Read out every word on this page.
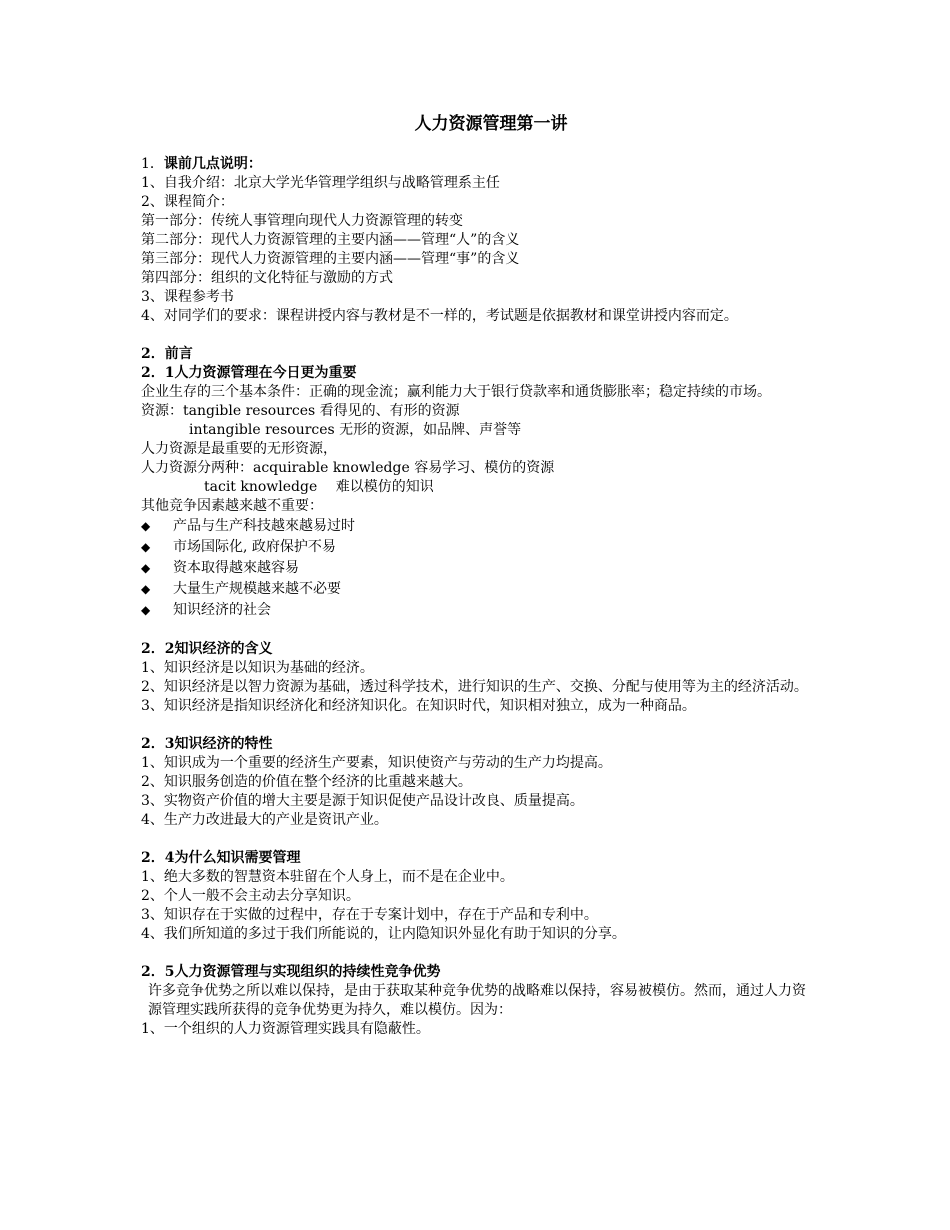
人力资源管理第一讲
1．课前几点说明：
1、自我介绍：北京大学光华管理学组织与战略管理系主任
2、课程简介：
第一部分：传统人事管理向现代人力资源管理的转变
第二部分：现代人力资源管理的主要内涵——管理“人”的含义
第三部分：现代人力资源管理的主要内涵——管理“事”的含义
第四部分：组织的文化特征与激励的方式
3、课程参考书
4、对同学们的要求：课程讲授内容与教材是不一样的，考试题是依据教材和课堂讲授内容而定。
2．前言
2．1人力资源管理在今日更为重要
企业生存的三个基本条件：正确的现金流；赢利能力大于银行贷款率和通货膨胀率；稳定持续的市场。
资源：tangible resources 看得见的、有形的资源
intangible resources 无形的资源，如品牌、声誉等
人力资源是最重要的无形资源，
人力资源分两种：acquirable knowledge 容易学习、模仿的资源
tacit knowledge　 难以模仿的知识
其他竞争因素越来越不重要：
◆	产品与生产科技越來越易过时
◆	市场国际化, 政府保护不易
◆	资本取得越來越容易
◆	大量生产规模越来越不必要
◆	知识经济的社会
2．2知识经济的含义
1、知识经济是以知识为基础的经济。
2、知识经济是以智力资源为基础，透过科学技术，进行知识的生产、交换、分配与使用等为主的经济活动。
3、知识经济是指知识经济化和经济知识化。在知识时代，知识相对独立，成为一种商品。
2．3知识经济的特性
1、知识成为一个重要的经济生产要素，知识使资产与劳动的生产力均提高。
2、知识服务创造的价值在整个经济的比重越来越大。
3、实物资产价值的增大主要是源于知识促使产品设计改良、质量提高。
4、生产力改进最大的产业是资讯产业。
2．4为什么知识需要管理
1、绝大多数的智慧资本驻留在个人身上，而不是在企业中。
2、个人一般不会主动去分享知识。
3、知识存在于实做的过程中，存在于专案计划中，存在于产品和专利中。
4、我们所知道的多过于我们所能说的，让内隐知识外显化有助于知识的分享。
2．5人力资源管理与实现组织的持续性竞争优势
许多竞争优势之所以难以保持，是由于获取某种竞争优势的战略难以保持，容易被模仿。然而，通过人力资源管理实践所获得的竞争优势更为持久，难以模仿。因为：
1、一个组织的人力资源管理实践具有隐蔽性。
